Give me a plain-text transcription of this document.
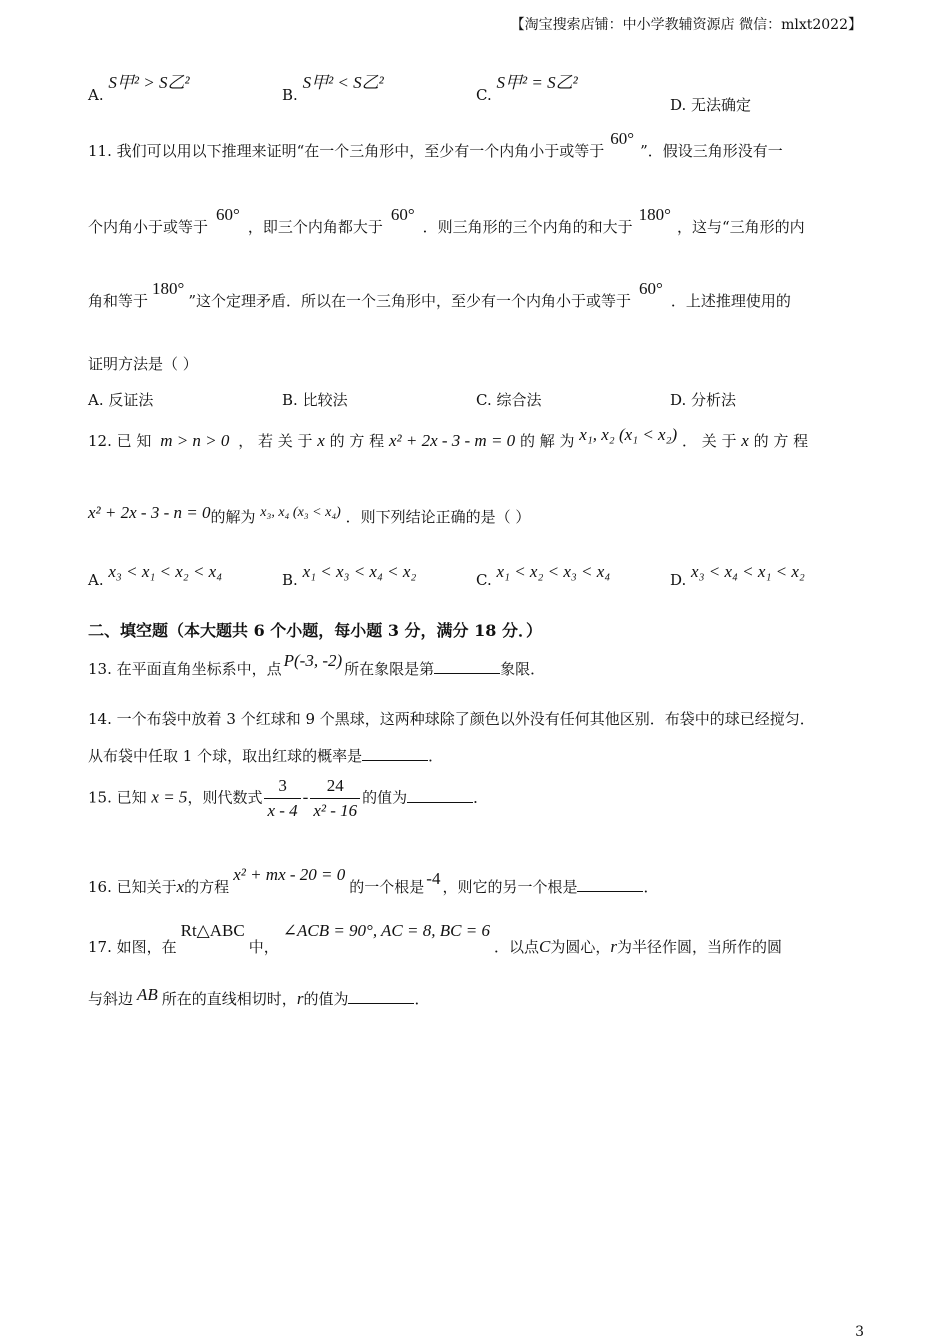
【淘宝搜索店铺：中小学教辅资源店 微信：mlxt2022】
A. S甲² > S乙²
B. S甲² < S乙²
C. S甲² = S乙²
D. 无法确定
11. 我们可以用以下推理来证明“在一个三角形中，至少有一个内角小于或等于60°”．假设三角形没有一
个内角小于或等于60°，即三个内角都大于60°．则三角形的三个内角的和大于180°，这与“三角形的内
角和等于180°”这个定理矛盾．所以在一个三角形中，至少有一个内角小于或等于60°．上述推理使用的
证明方法是（ ）
A. 反证法	B. 比较法	C. 综合法	D. 分析法
12. 已 知 m > n > 0 ， 若 关 于 x 的 方 程 x² + 2x - 3 - m = 0 的 解 为 x₁, x₂ (x₁ < x₂) ． 关 于 x 的 方 程
x² + 2x - 3 - n = 0的解为 x₃, x₄ (x₃ < x₄) ．则下列结论正确的是（ ）
A. x₃ < x₁ < x₂ < x₄	B. x₁ < x₃ < x₄ < x₂	C. x₁ < x₂ < x₃ < x₄	D. x₃ < x₄ < x₁ < x₂
二、填空题（本大题共 6 个小题，每小题 3 分，满分 18 分．）
13. 在平面直角坐标系中，点 P(-3, -2) 所在象限是第	象限．
14. 一个布袋中放着 3 个红球和 9 个黑球，这两种球除了颜色以外没有任何其他区别．布袋中的球已经搅匀．
从布袋中任取 1 个球，取出红球的概率是	．
15. 已知 x = 5，则代数式 $\frac{3}{x - 4} - \frac{24}{\text{x² - 16}}$ 的值为	．
16. 已知关于x的方程x² + mx - 20 = 0的一个根是 -4 ，则它的另一个根是	．
17. 如图，在Rt△ABC中，∠ACB = 90°, AC = 8, BC = 6．以点C为圆心，r为半径作圆，当所作的圆
与斜边 AB 所在的直线相切时，r的值为	．
3
